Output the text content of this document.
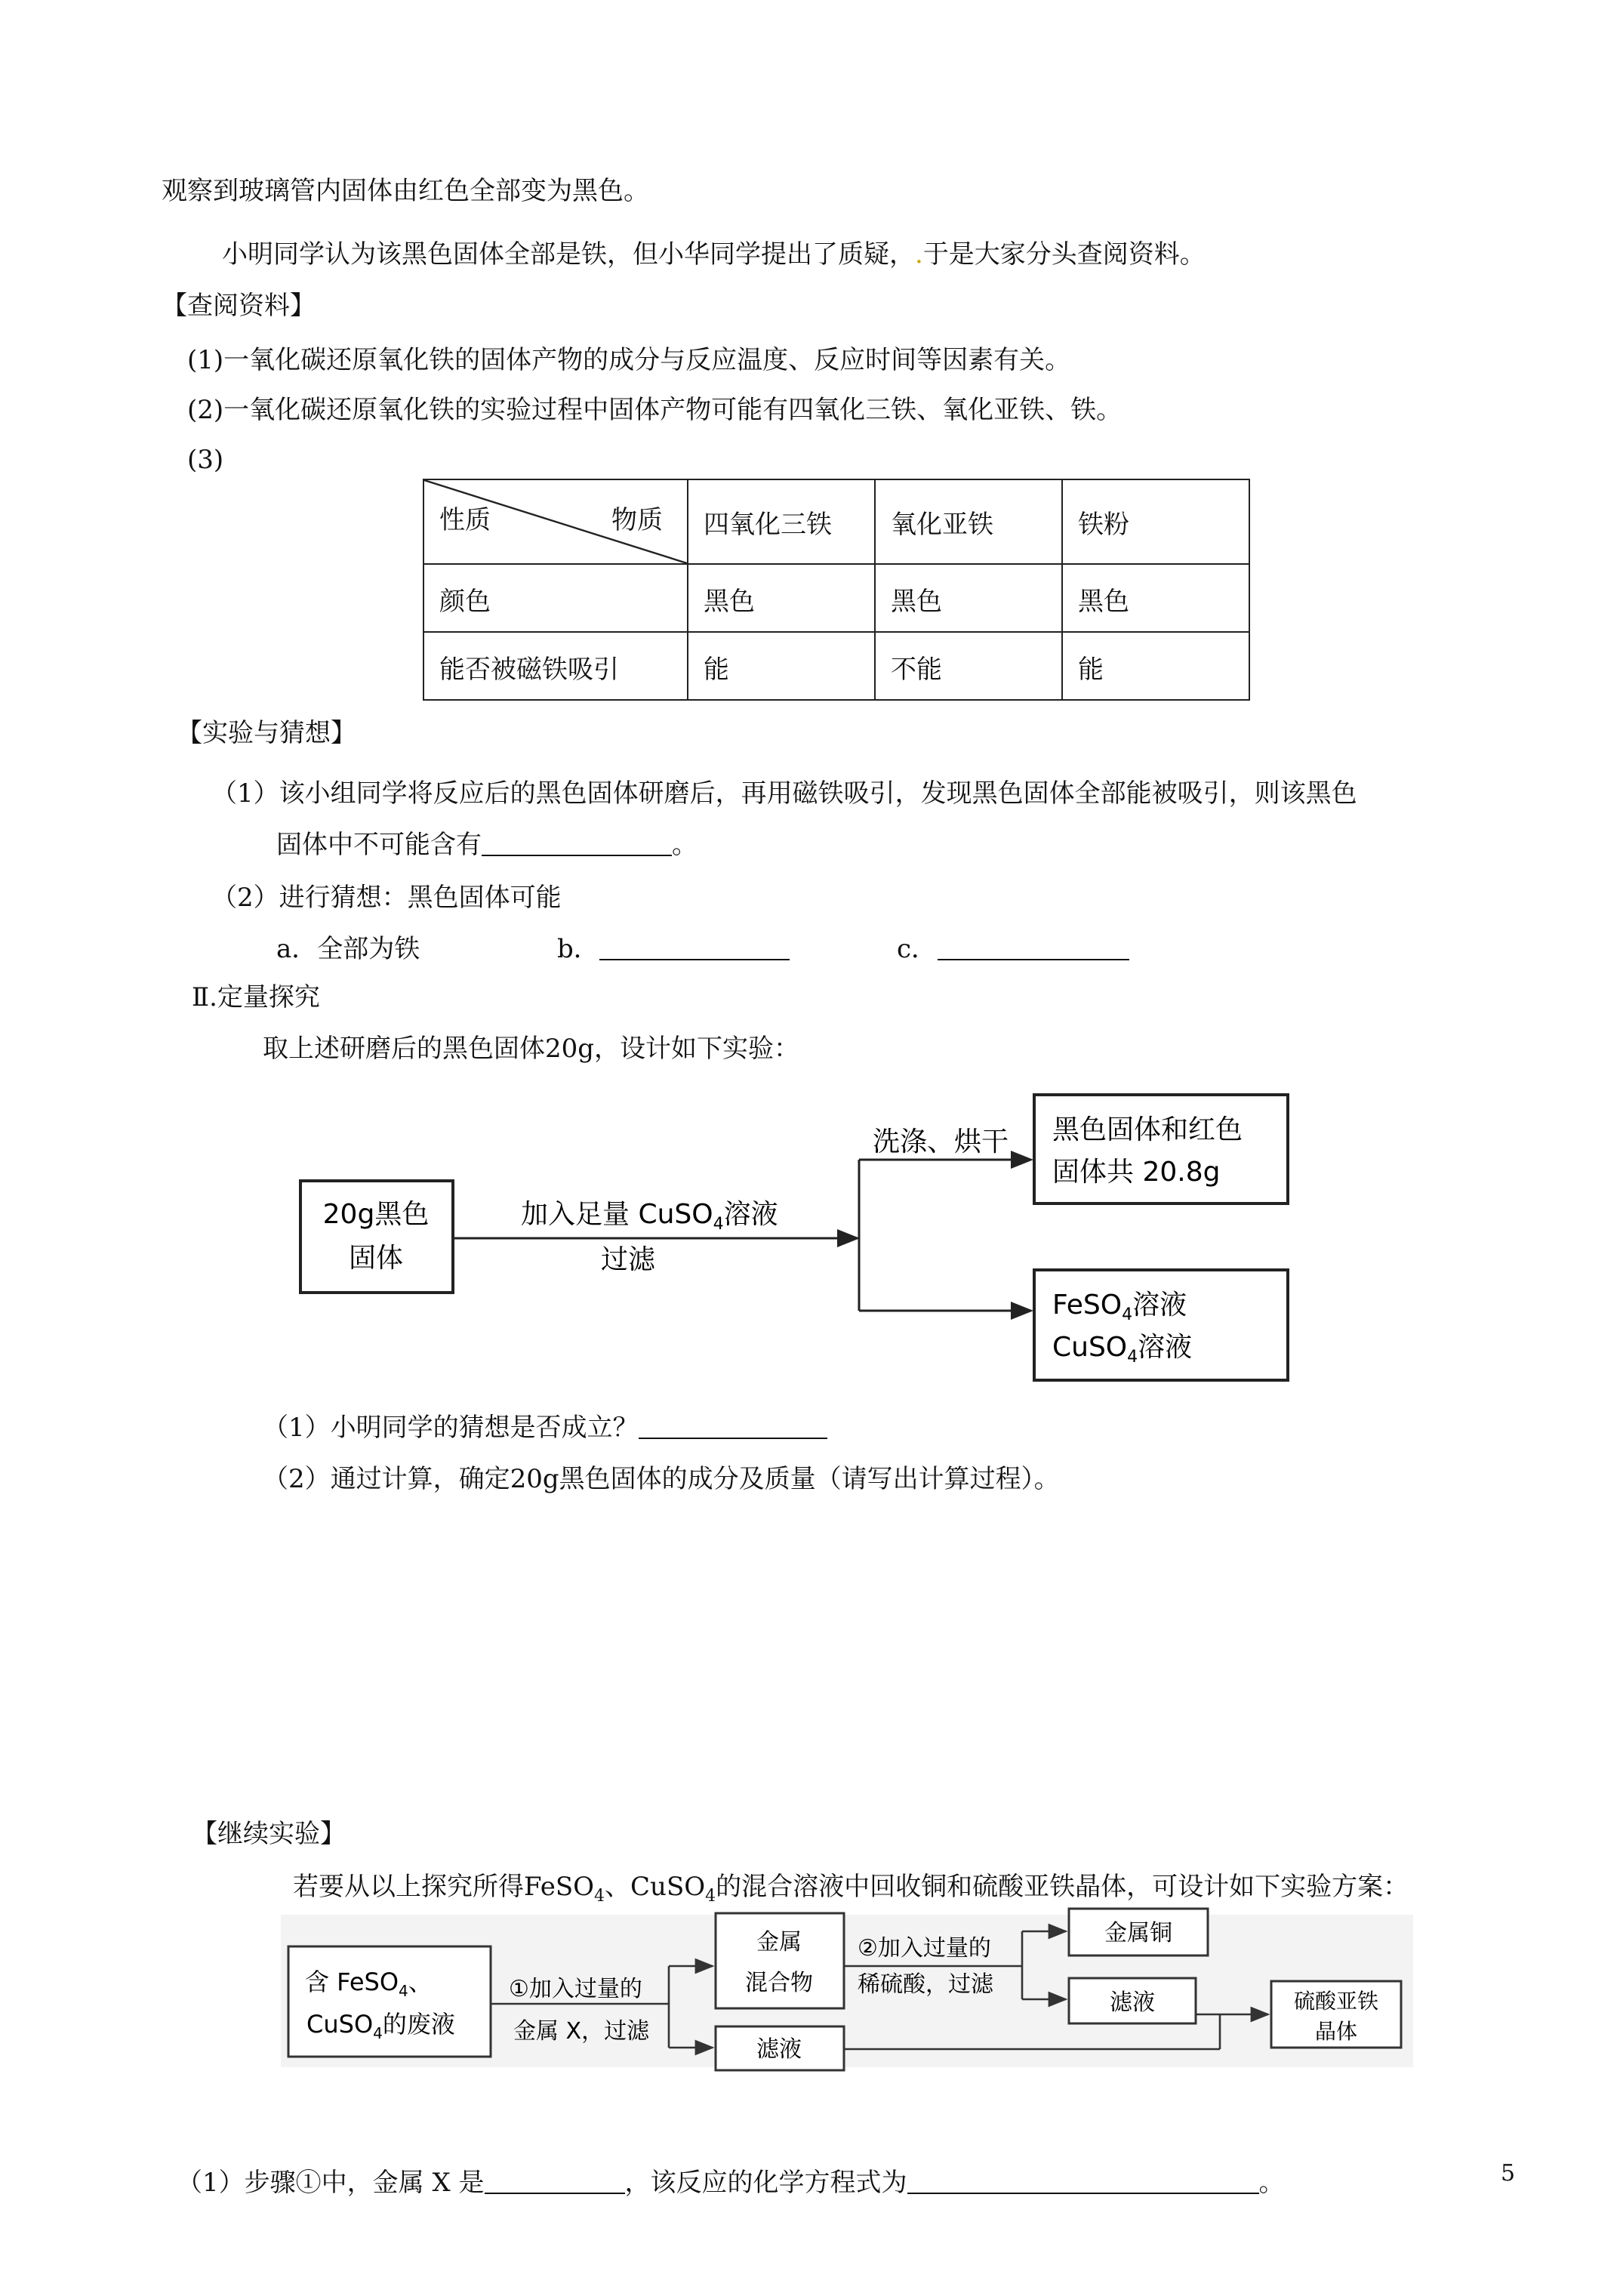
观察到玻璃管内固体由红色全部变为黑色。
小明同学认为该黑色固体全部是铁，但小华同学提出了质疑，.于是大家分头查阅资料。
【查阅资料】
(1)一氧化碳还原氧化铁的固体产物的成分与反应温度、反应时间等因素有关。
(2)一氧化碳还原氧化铁的实验过程中固体产物可能有四氧化三铁、氧化亚铁、铁。
(3)
性质 物质	四氧化三铁	氧化亚铁	铁粉
颜色	黑色	黑色	黑色
能否被磁铁吸引	能	不能	能
【实验与猜想】
（1）该小组同学将反应后的黑色固体研磨后，再用磁铁吸引，发现黑色固体全部能被吸引，则该黑色
固体中不可能含有	。
（2）进行猜想：黑色固体可能
a．全部为铁	b．	c．
Ⅱ.定量探究
取上述研磨后的黑色固体20g，设计如下实验：
20g黑色
固体
加入足量 CuSO$_4$溶液
过滤
洗涤、烘干	黑色固体和红色
固体共 20.8g
FeSO$_4$溶液
CuSO$_4$溶液
（1）小明同学的猜想是否成立？
（2）通过计算，确定20g黑色固体的成分及质量（请写出计算过程）。
【继续实验】
若要从以上探究所得FeSO$_4$、CuSO$_4$的混合溶液中回收铜和硫酸亚铁晶体，可设计如下实验方案：
含 FeSO$_4$、
CuSO$_4$的废液
①加入过量的
金属 X，过滤
金属
混合物
滤液
②加入过量的
稀硫酸，过滤
金属铜
滤液	硫酸亚铁
晶体
（1）步骤①中，金属 X 是	，该反应的化学方程式为	。	5
